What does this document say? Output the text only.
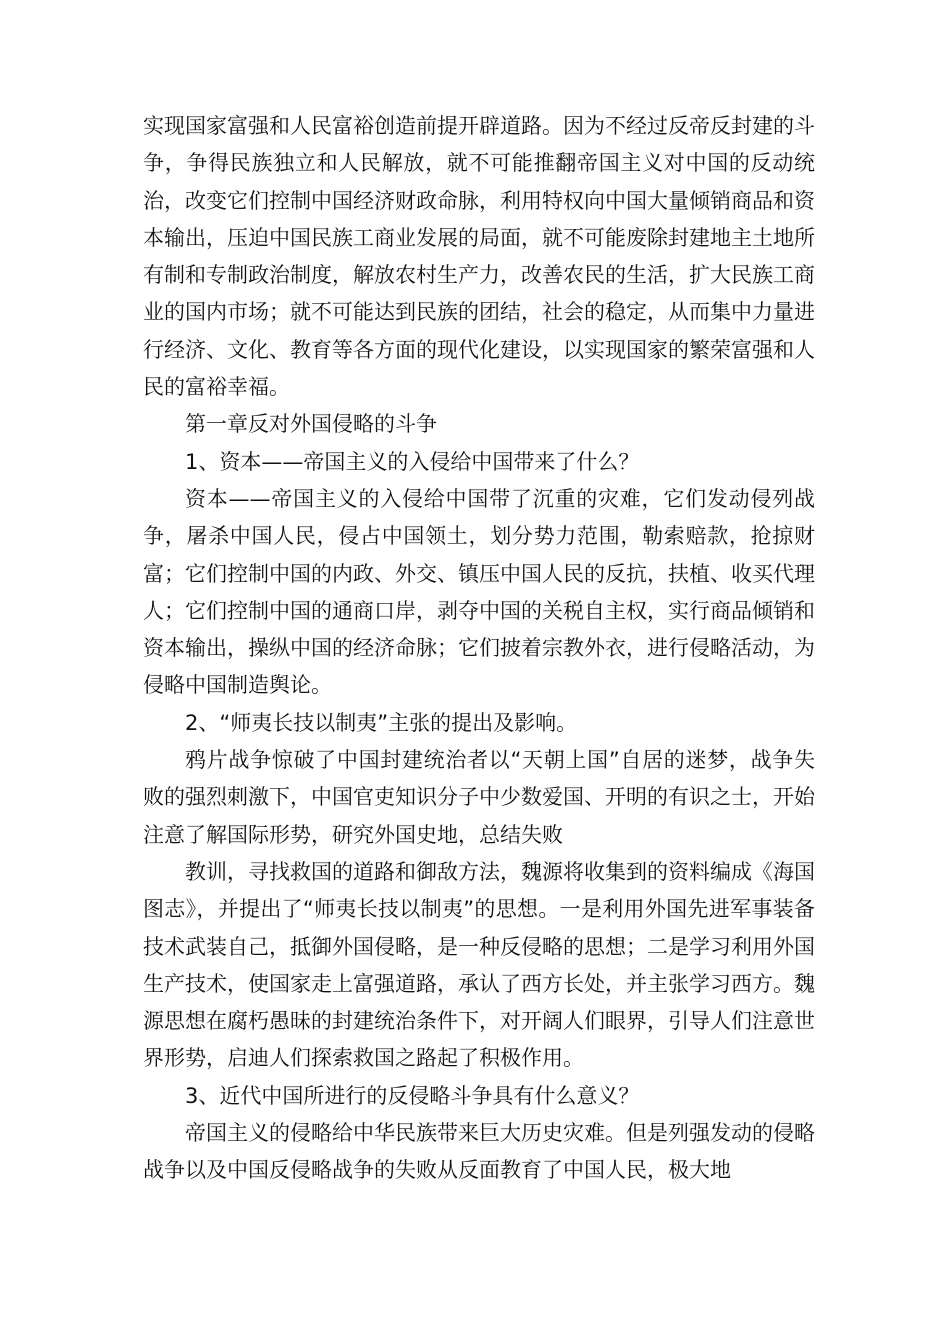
实现国家富强和人民富裕创造前提开辟道路。因为不经过反帝反封建的斗争，争得民族独立和人民解放，就不可能推翻帝国主义对中国的反动统治，改变它们控制中国经济财政命脉，利用特权向中国大量倾销商品和资本输出，压迫中国民族工商业发展的局面，就不可能废除封建地主土地所有制和专制政治制度，解放农村生产力，改善农民的生活，扩大民族工商业的国内市场；就不可能达到民族的团结，社会的稳定，从而集中力量进行经济、文化、教育等各方面的现代化建设，以实现国家的繁荣富强和人民的富裕幸福。

第一章反对外国侵略的斗争

1、资本——帝国主义的入侵给中国带来了什么？

资本——帝国主义的入侵给中国带了沉重的灾难，它们发动侵列战争，屠杀中国人民，侵占中国领土，划分势力范围，勒索赔款，抢掠财富；它们控制中国的内政、外交、镇压中国人民的反抗，扶植、收买代理人；它们控制中国的通商口岸，剥夺中国的关税自主权，实行商品倾销和资本输出，操纵中国的经济命脉；它们披着宗教外衣，进行侵略活动，为侵略中国制造舆论。

2、“师夷长技以制夷”主张的提出及影响。

鸦片战争惊破了中国封建统治者以“天朝上国”自居的迷梦，战争失败的强烈刺激下，中国官吏知识分子中少数爱国、开明的有识之士，开始注意了解国际形势，研究外国史地，总结失败

教训，寻找救国的道路和御敌方法，魏源将收集到的资料编成《海国图志》，并提出了“师夷长技以制夷”的思想。一是利用外国先进军事装备技术武装自己，抵御外国侵略，是一种反侵略的思想；二是学习利用外国生产技术，使国家走上富强道路，承认了西方长处，并主张学习西方。魏源思想在腐朽愚昧的封建统治条件下，对开阔人们眼界，引导人们注意世界形势，启迪人们探索救国之路起了积极作用。

3、近代中国所进行的反侵略斗争具有什么意义？

帝国主义的侵略给中华民族带来巨大历史灾难。但是列强发动的侵略战争以及中国反侵略战争的失败从反面教育了中国人民，极大地
